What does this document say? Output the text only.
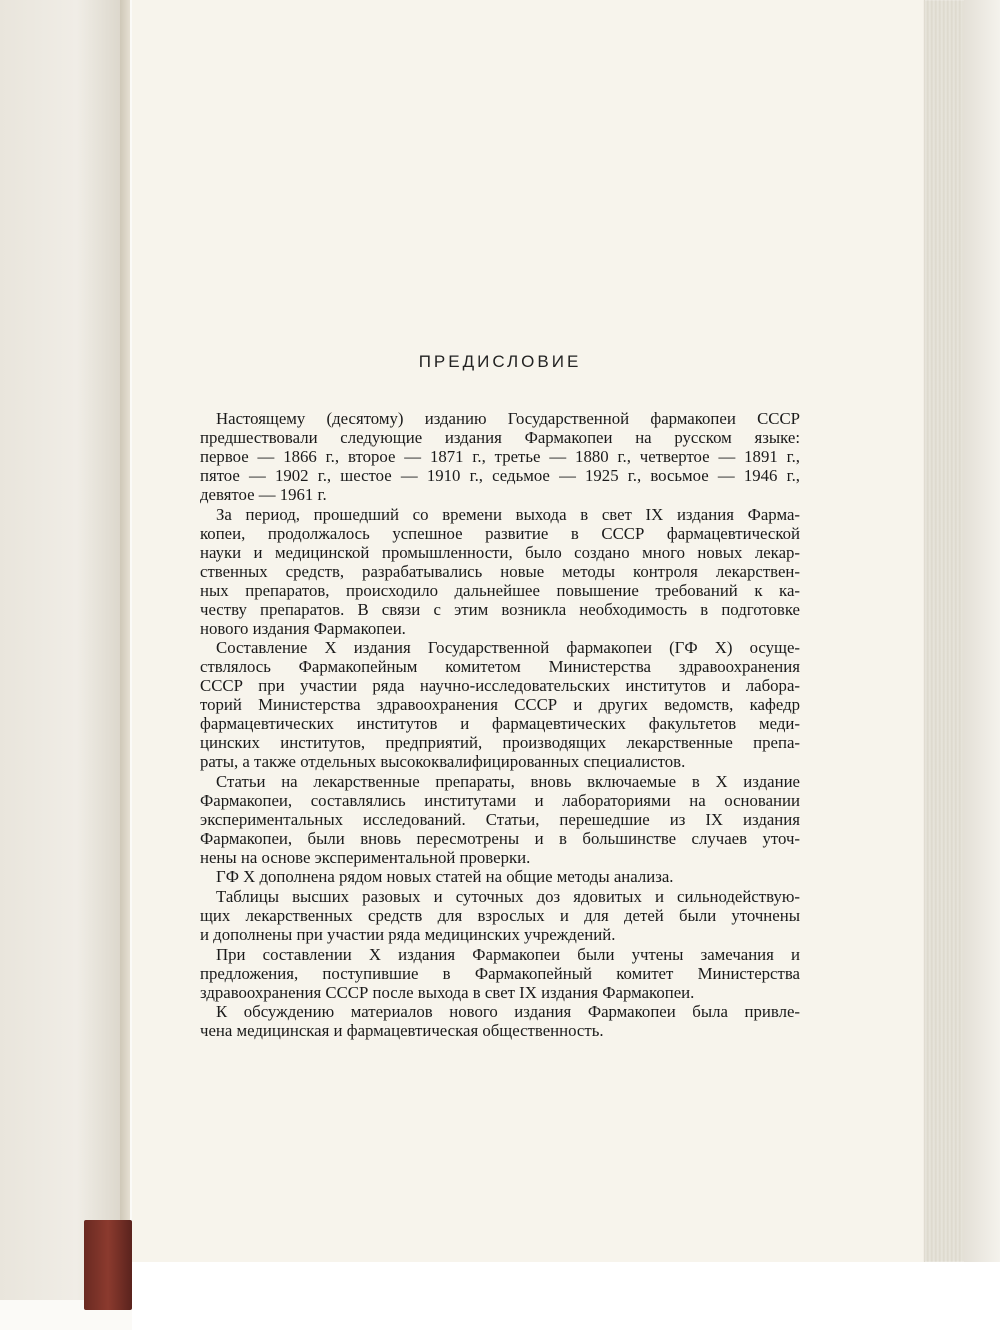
ПРЕДИСЛОВИЕ
Настоящему (десятому) изданию Государственной фармакопеи СССР
предшествовали следующие издания Фармакопеи на русском языке:
первое — 1866 г., второе — 1871 г., третье — 1880 г., четвертое — 1891 г.,
пятое — 1902 г., шестое — 1910 г., седьмое — 1925 г., восьмое — 1946 г.,
девятое — 1961 г.
За период, прошедший со времени выхода в свет IX издания Фарма-
копеи, продолжалось успешное развитие в СССР фармацевтической
науки и медицинской промышленности, было создано много новых лекар-
ственных средств, разрабатывались новые методы контроля лекарствен-
ных препаратов, происходило дальнейшее повышение требований к ка-
честву препаратов. В связи с этим возникла необходимость в подготовке
нового издания Фармакопеи.
Составление X издания Государственной фармакопеи (ГФ X) осуще-
ствлялось Фармакопейным комитетом Министерства здравоохранения
СССР при участии ряда научно-исследовательских институтов и лабора-
торий Министерства здравоохранения СССР и других ведомств, кафедр
фармацевтических институтов и фармацевтических факультетов меди-
цинских институтов, предприятий, производящих лекарственные препа-
раты, а также отдельных высококвалифицированных специалистов.
Статьи на лекарственные препараты, вновь включаемые в X издание
Фармакопеи, составлялись институтами и лабораториями на основании
экспериментальных исследований. Статьи, перешедшие из IX издания
Фармакопеи, были вновь пересмотрены и в большинстве случаев уточ-
нены на основе экспериментальной проверки.
ГФ X дополнена рядом новых статей на общие методы анализа.
Таблицы высших разовых и суточных доз ядовитых и сильнодействую-
щих лекарственных средств для взрослых и для детей были уточнены
и дополнены при участии ряда медицинских учреждений.
При составлении X издания Фармакопеи были учтены замечания и
предложения, поступившие в Фармакопейный комитет Министерства
здравоохранения СССР после выхода в свет IX издания Фармакопеи.
К обсуждению материалов нового издания Фармакопеи была привле-
чена медицинская и фармацевтическая общественность.
